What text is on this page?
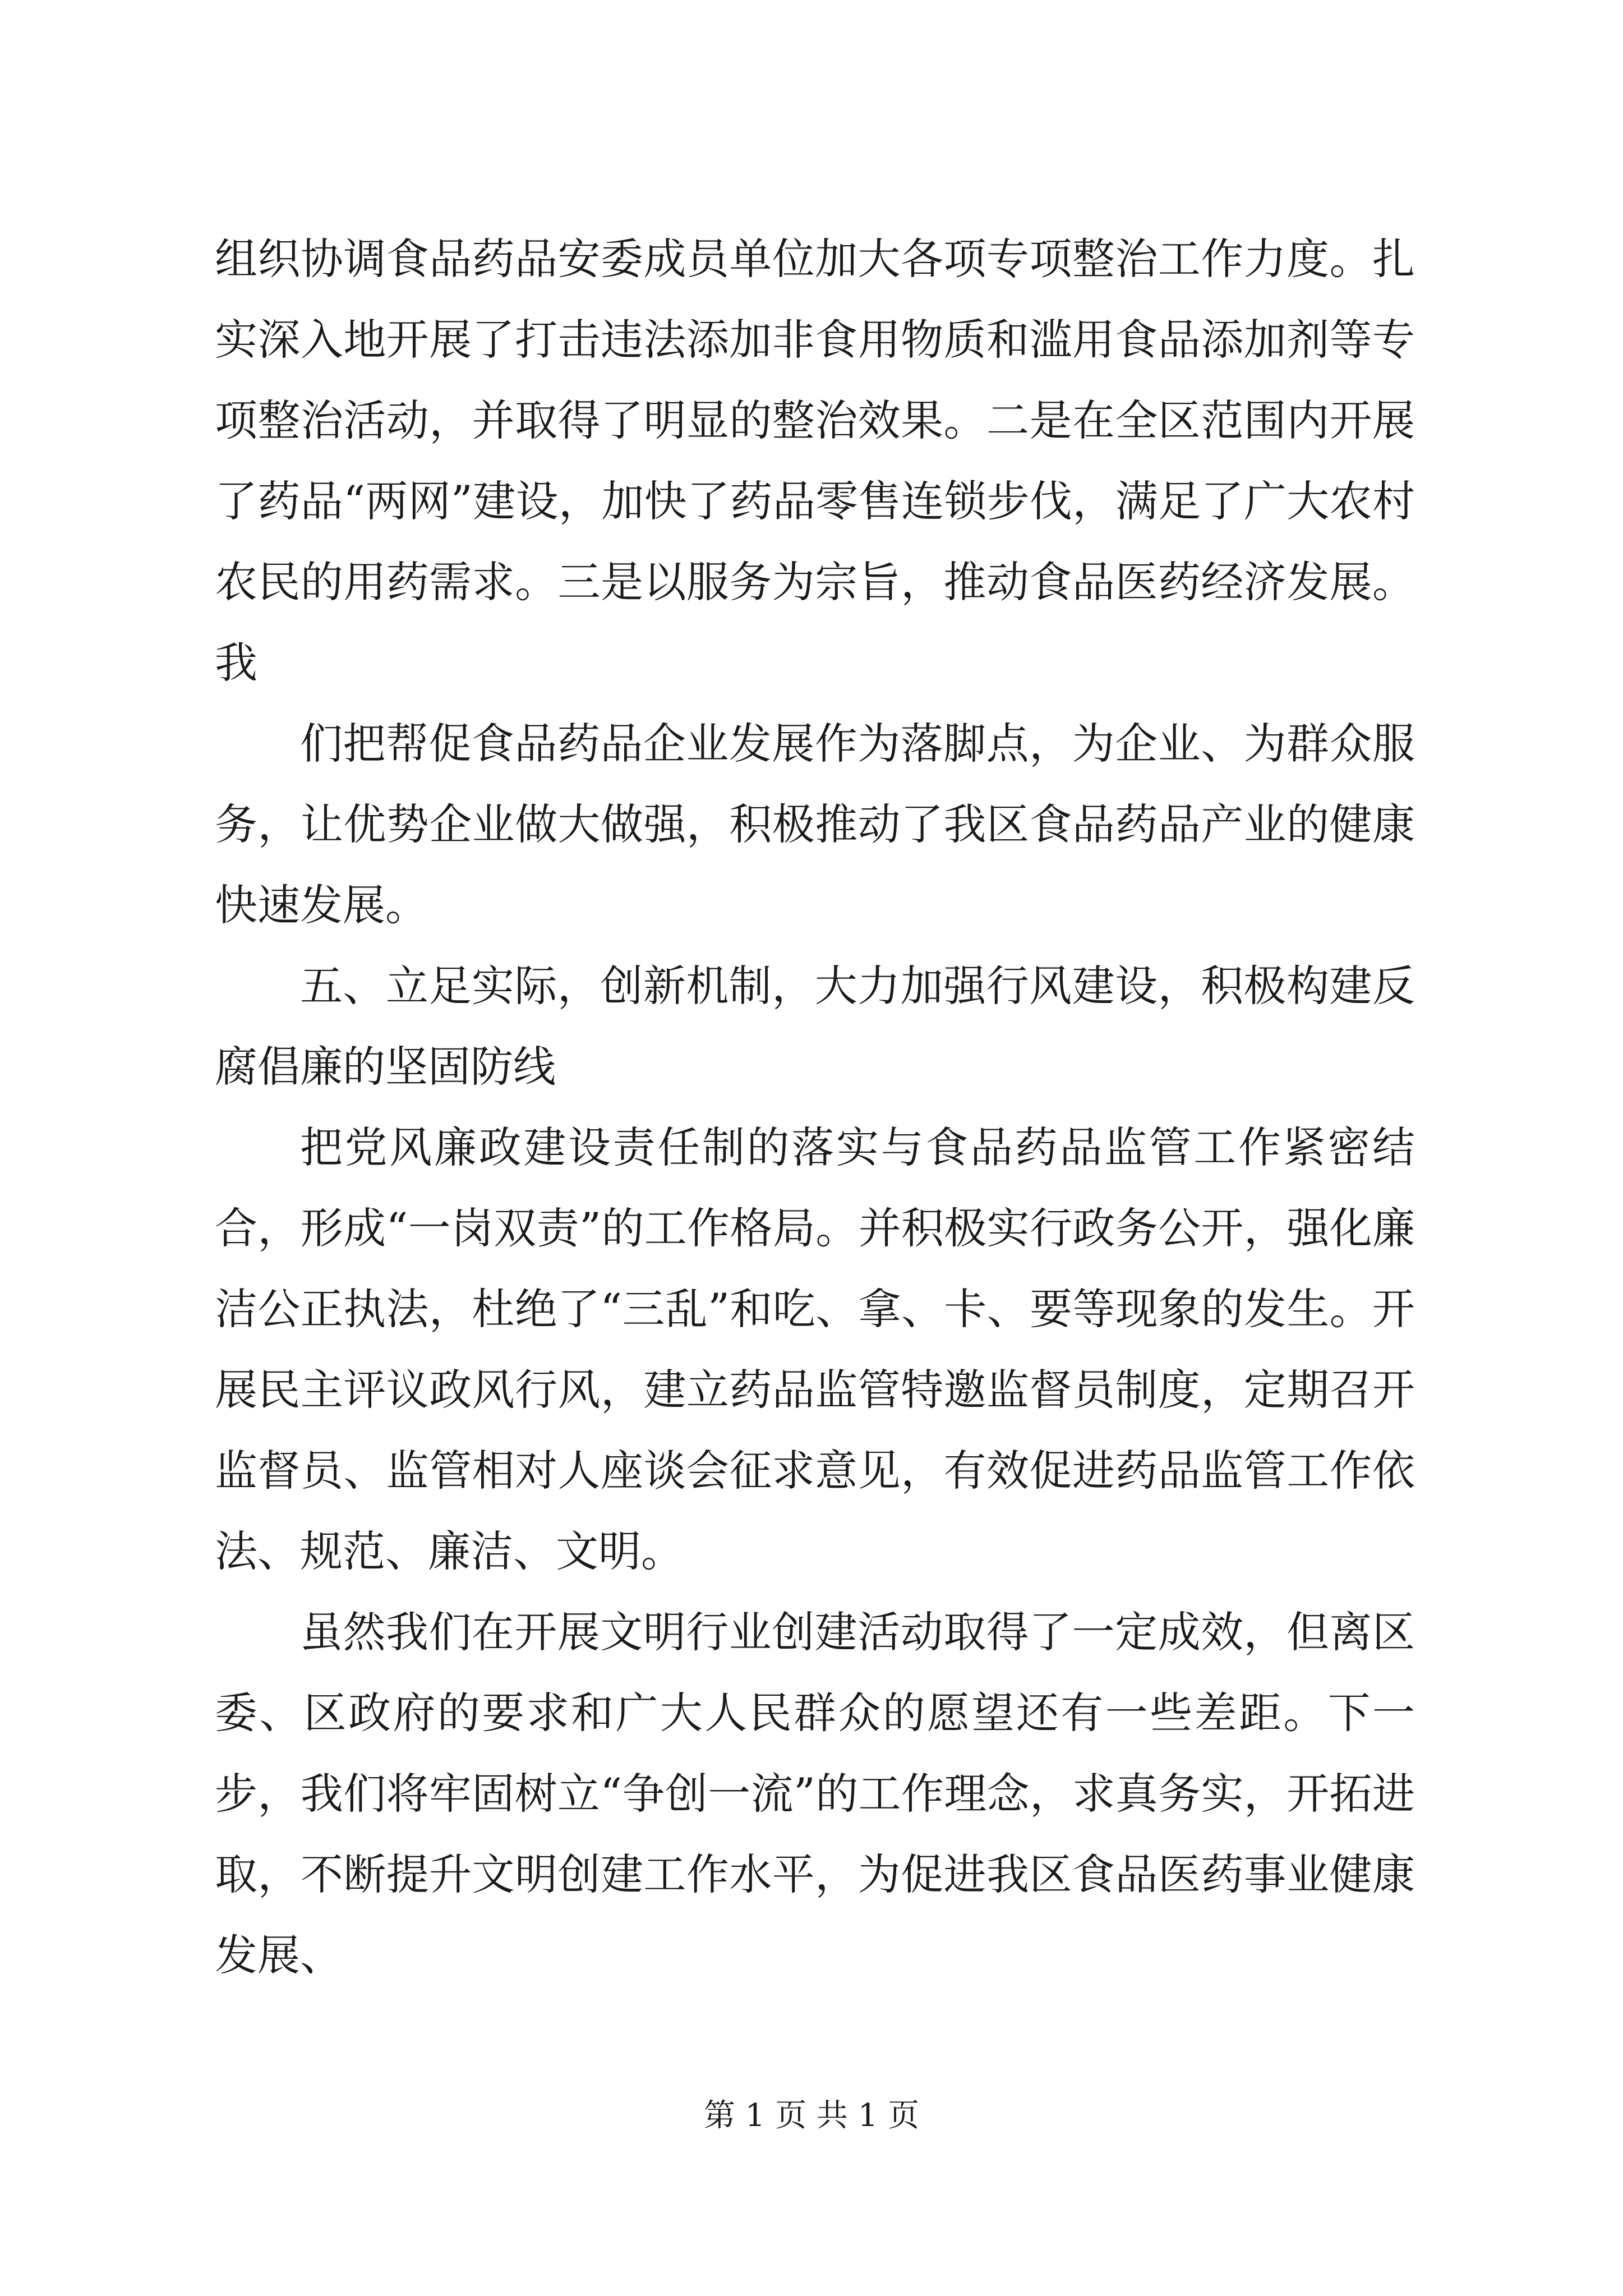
组织协调食品药品安委成员单位加大各项专项整治工作力度。扎实深入地开展了打击违法添加非食用物质和滥用食品添加剂等专项整治活动，并取得了明显的整治效果。二是在全区范围内开展了药品“两网”建设，加快了药品零售连锁步伐，满足了广大农村农民的用药需求。三是以服务为宗旨，推动食品医药经济发展。我

们把帮促食品药品企业发展作为落脚点，为企业、为群众服务，让优势企业做大做强，积极推动了我区食品药品产业的健康快速发展。

五、立足实际，创新机制，大力加强行风建设，积极构建反腐倡廉的坚固防线

把党风廉政建设责任制的落实与食品药品监管工作紧密结合，形成“一岗双责”的工作格局。并积极实行政务公开，强化廉洁公正执法，杜绝了“三乱”和吃、拿、卡、要等现象的发生。开展民主评议政风行风，建立药品监管特邀监督员制度，定期召开监督员、监管相对人座谈会征求意见，有效促进药品监管工作依法、规范、廉洁、文明。

虽然我们在开展文明行业创建活动取得了一定成效，但离区委、区政府的要求和广大人民群众的愿望还有一些差距。下一步，我们将牢固树立“争创一流”的工作理念，求真务实，开拓进取，不断提升文明创建工作水平，为促进我区食品医药事业健康发展、

第 1 页 共 1 页
